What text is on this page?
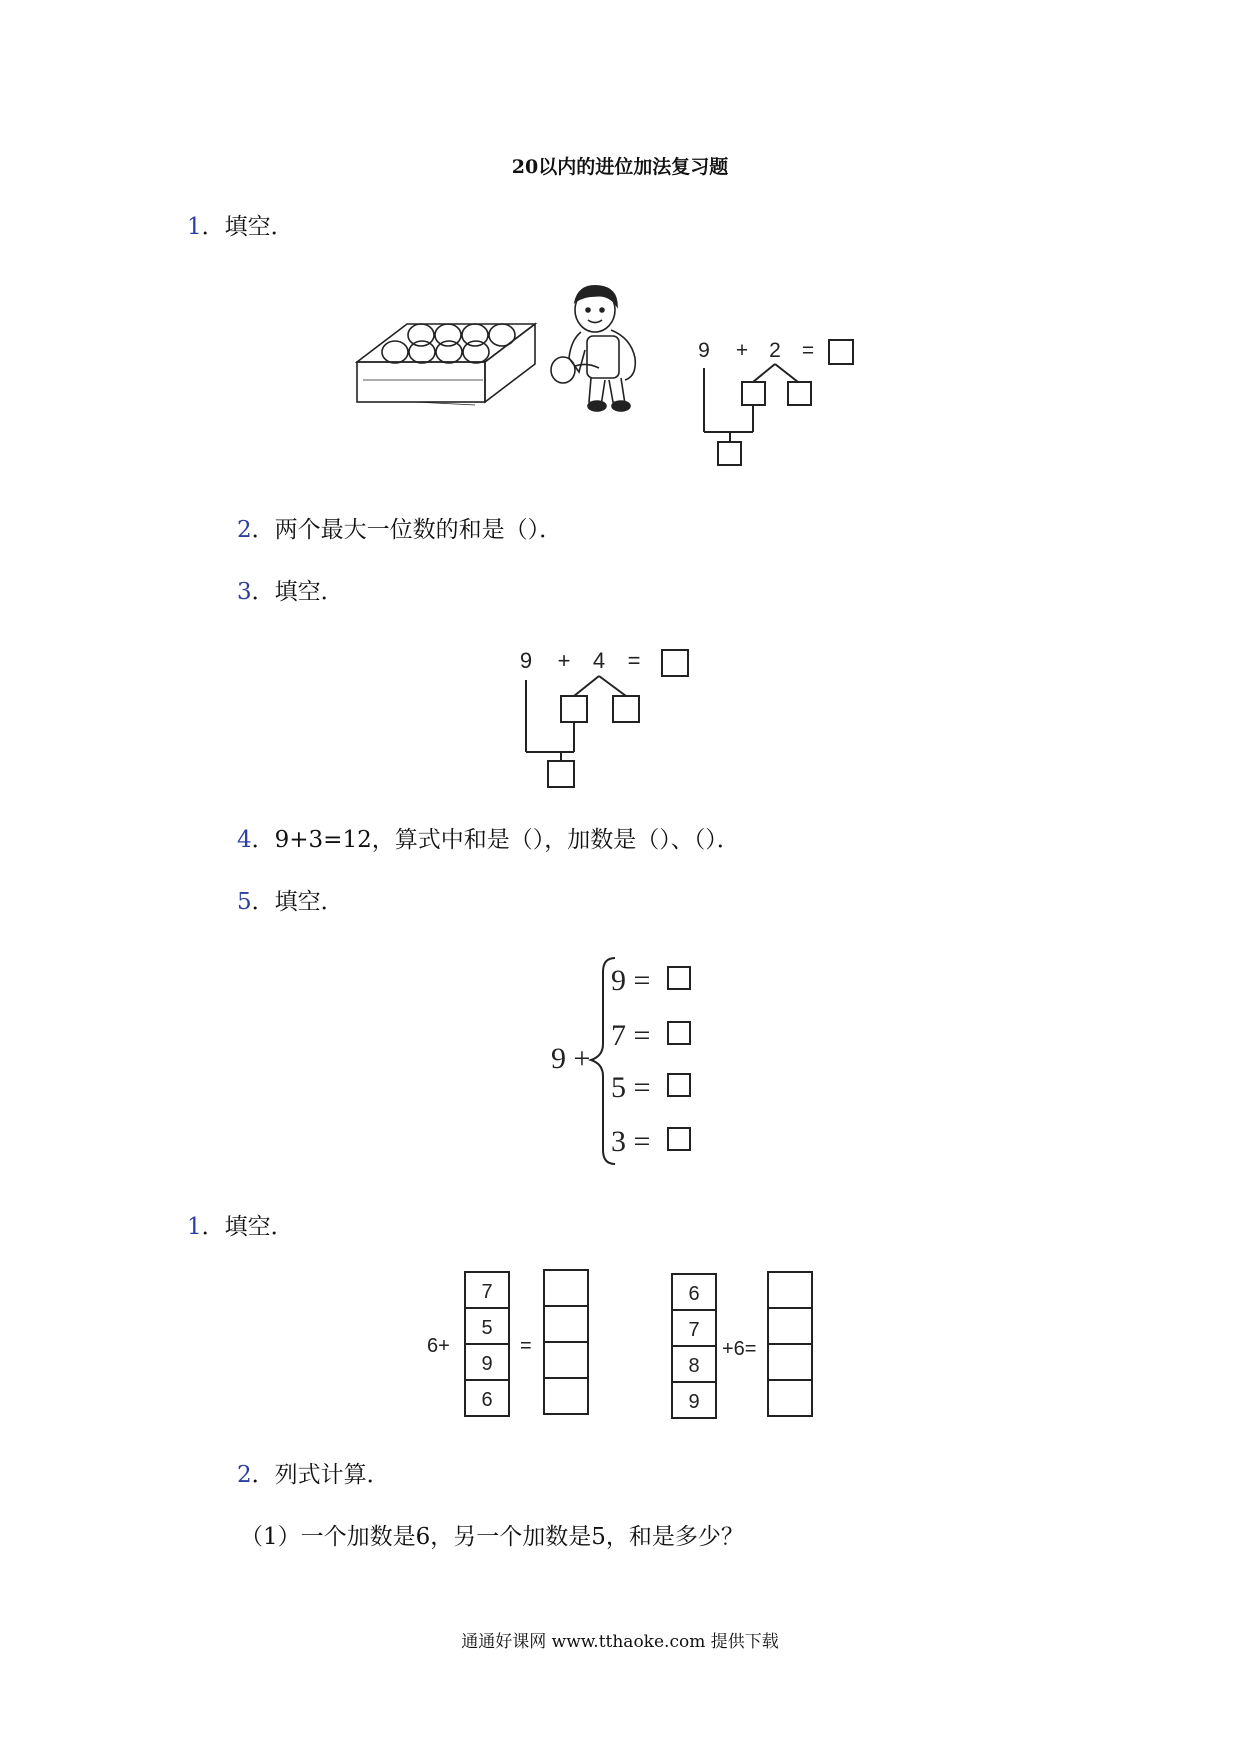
20以内的进位加法复习题
1．填空．
9 + 2 =
2．两个最大一位数的和是（）．
3．填空．
9 + 4 =
4．9+3=12，算式中和是（），加数是（）、（）．
5．填空．
9 +
9 =
7 =
5 =
3 =
1．填空．
6+
7
5
9
6
=
6
7
8
9
+6=
2．列式计算．
（1）一个加数是6，另一个加数是5，和是多少？
通通好课网 www.tthaoke.com 提供下载
